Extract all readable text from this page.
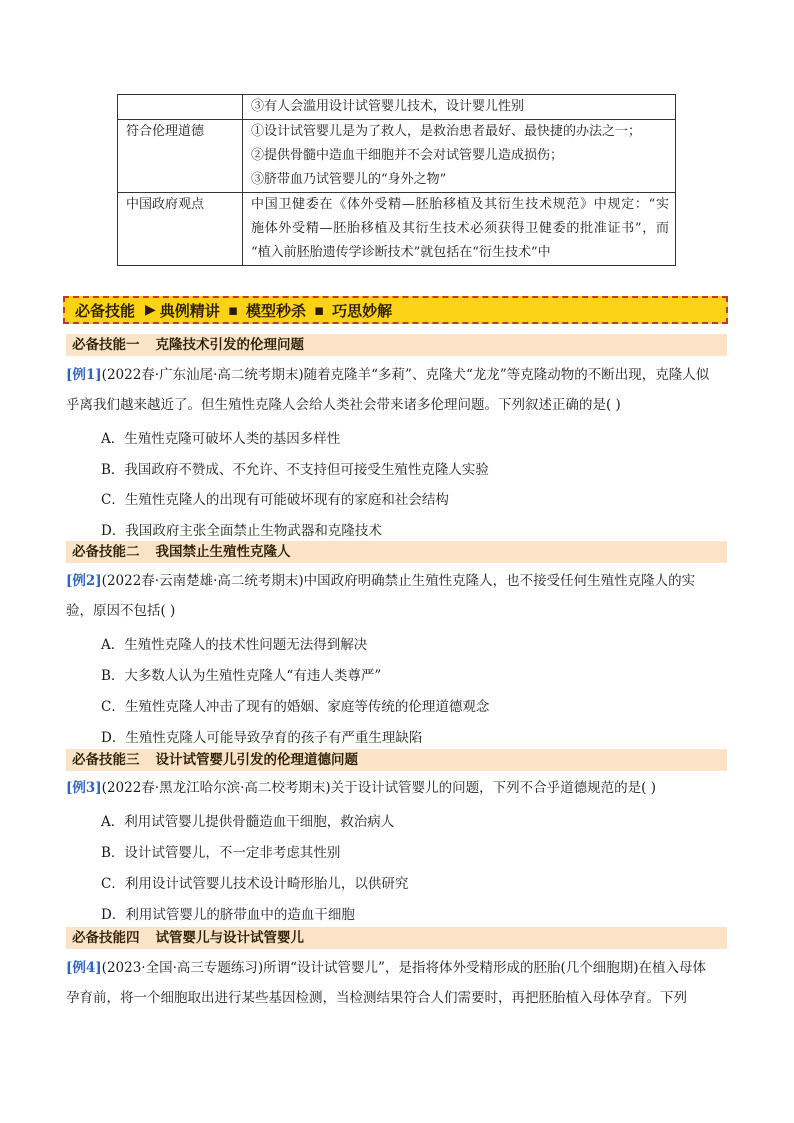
	③有人会滥用设计试管婴儿技术，设计婴儿性别

符合伦理道德	①设计试管婴儿是为了救人，是救治患者最好、最快捷的办法之一；
②提供骨髓中造血干细胞并不会对试管婴儿造成损伤；
③脐带血乃试管婴儿的“身外之物”

中国政府观点	中国卫健委在《体外受精—胚胎移植及其衍生技术规范》中规定：“实
施体外受精—胚胎移植及其衍生技术必须获得卫健委的批准证书”，而
“植入前胚胎遗传学诊断技术”就包括在“衍生技术”中
必备技能 ▶ 典例精讲 ▪ 模型秒杀 ▪ 巧思妙解
必备技能一 克隆技术引发的伦理问题
[例1](2022春·广东汕尾·高二统考期末)随着克隆羊“多莉”、克隆犬“龙龙”等克隆动物的不断出现，克隆人似
乎离我们越来越近了。但生殖性克隆人会给人类社会带来诸多伦理问题。下列叙述正确的是( )
A．生殖性克隆可破坏人类的基因多样性
B．我国政府不赞成、不允许、不支持但可接受生殖性克隆人实验
C．生殖性克隆人的出现有可能破坏现有的家庭和社会结构
D．我国政府主张全面禁止生物武器和克隆技术
必备技能二 我国禁止生殖性克隆人
[例2](2022春·云南楚雄·高二统考期末)中国政府明确禁止生殖性克隆人，也不接受任何生殖性克隆人的实
验，原因不包括( )
A．生殖性克隆人的技术性问题无法得到解决
B．大多数人认为生殖性克隆人“有违人类尊严”
C．生殖性克隆人冲击了现有的婚姻、家庭等传统的伦理道德观念
D．生殖性克隆人可能导致孕育的孩子有严重生理缺陷
必备技能三 设计试管婴儿引发的伦理道德问题
[例3](2022春·黑龙江哈尔滨·高二校考期末)关于设计试管婴儿的问题，下列不合乎道德规范的是( )
A．利用试管婴儿提供骨髓造血干细胞，救治病人
B．设计试管婴儿，不一定非考虑其性别
C．利用设计试管婴儿技术设计畸形胎儿，以供研究
D．利用试管婴儿的脐带血中的造血干细胞
必备技能四 试管婴儿与设计试管婴儿
[例4](2023·全国·高三专题练习)所谓“设计试管婴儿”，是指将体外受精形成的胚胎(几个细胞期)在植入母体
孕育前，将一个细胞取出进行某些基因检测，当检测结果符合人们需要时，再把胚胎植入母体孕育。下列
